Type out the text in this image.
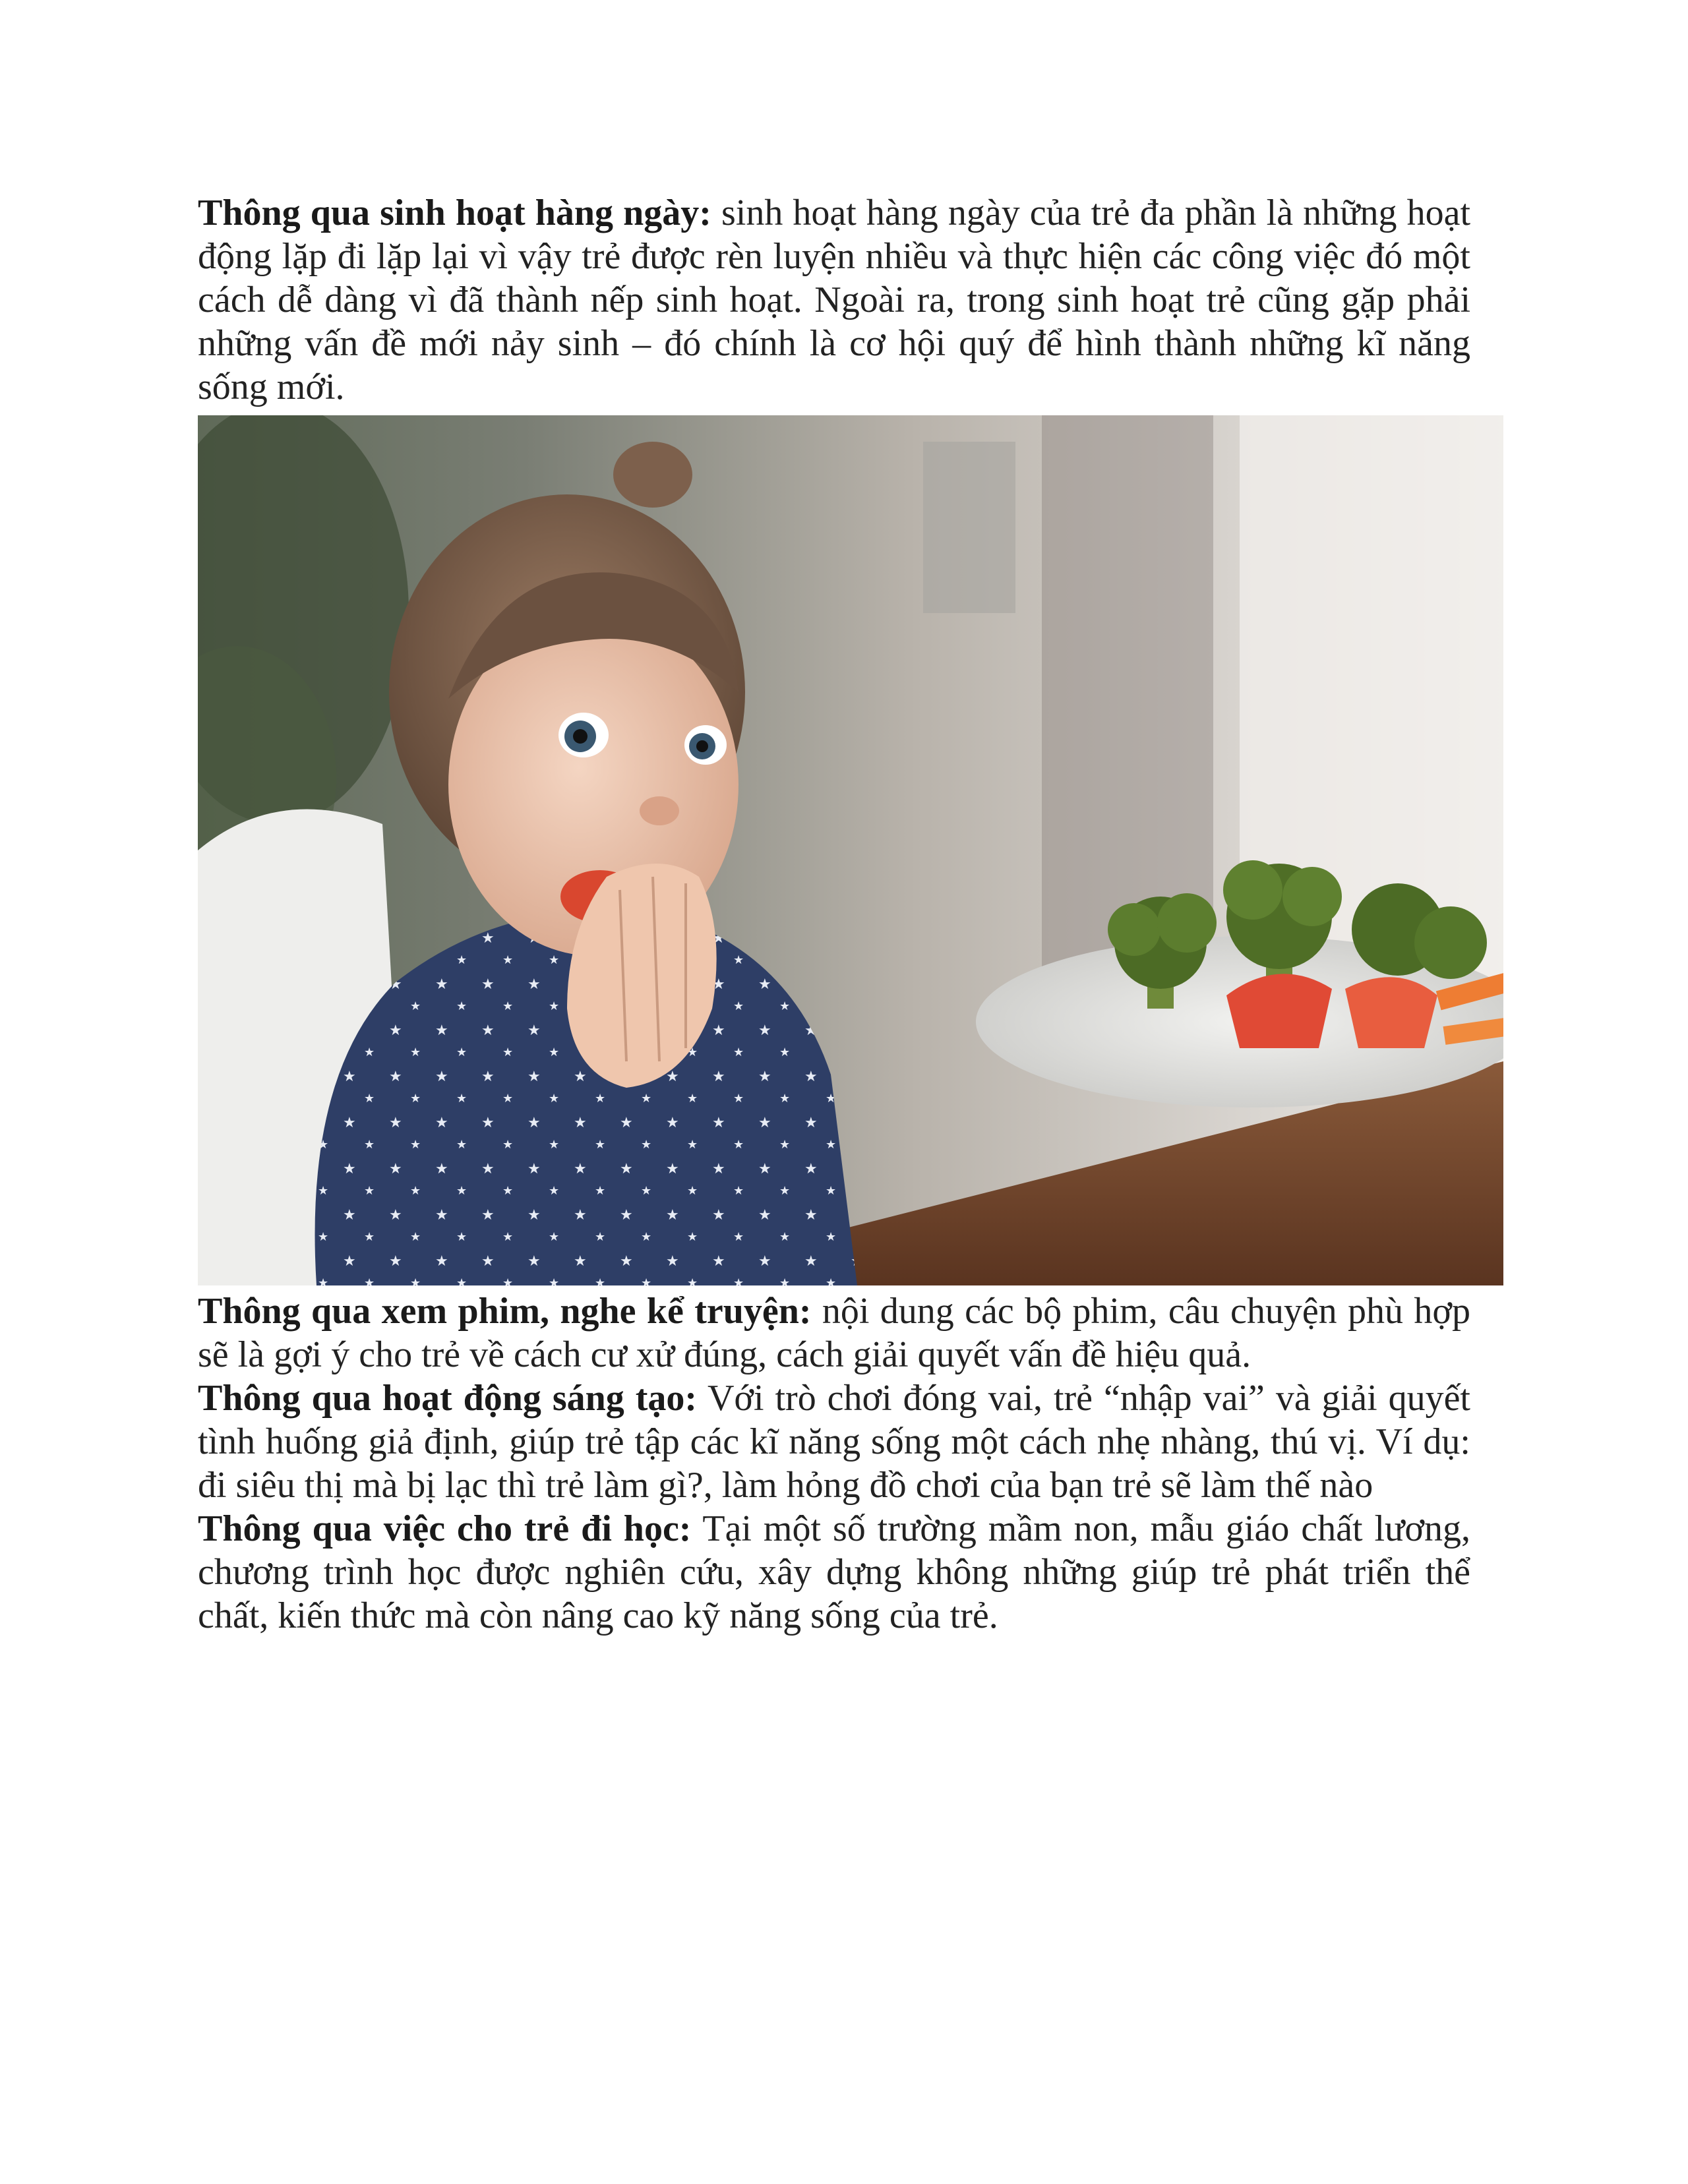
Thông qua sinh hoạt hàng ngày: sinh hoạt hàng ngày của trẻ đa phần là những hoạt động lặp đi lặp lại vì vậy trẻ được rèn luyện nhiều và thực hiện các công việc đó một cách dễ dàng vì đã thành nếp sinh hoạt. Ngoài ra, trong sinh hoạt trẻ cũng gặp phải những vấn đề mới nảy sinh – đó chính là cơ hội quý để hình thành những kĩ năng sống mới.

Thông qua xem phim, nghe kể truyện: nội dung các bộ phim, câu chuyện phù hợp sẽ là gợi ý cho trẻ về cách cư xử đúng, cách giải quyết vấn đề hiệu quả.

Thông qua hoạt động sáng tạo: Với trò chơi đóng vai, trẻ “nhập vai” và giải quyết tình huống giả định, giúp trẻ tập các kĩ năng sống một cách nhẹ nhàng, thú vị. Ví dụ: đi siêu thị mà bị lạc thì trẻ làm gì?, làm hỏng đồ chơi của bạn trẻ sẽ làm thế nào

Thông qua việc cho trẻ đi học: Tại một số trường mầm non, mẫu giáo chất lương, chương trình học được nghiên cứu, xây dựng không những giúp trẻ phát triển thể chất, kiến thức mà còn nâng cao kỹ năng sống của trẻ.
